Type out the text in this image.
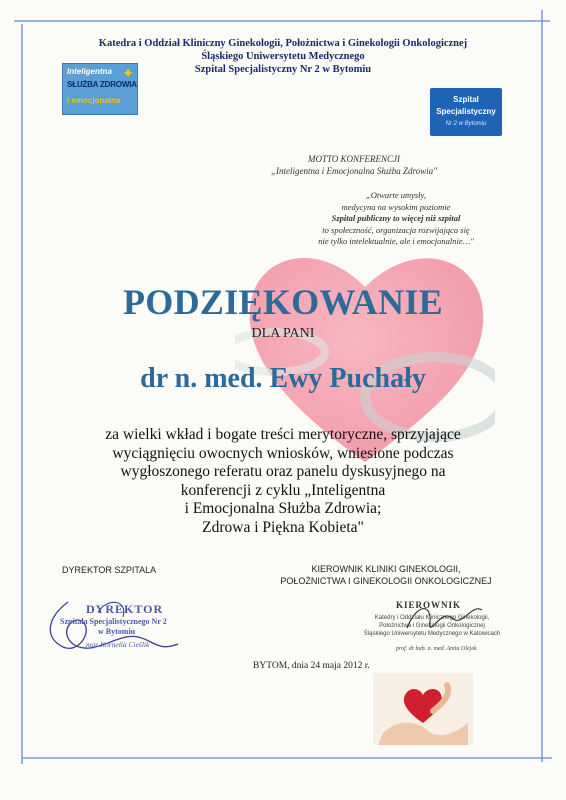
Katedra i Oddział Kliniczny Ginekologii, Położnictwa i Ginekologii Onkologicznej
Śląskiego Uniwersytetu Medycznego
Szpital Specjalistyczny Nr 2 w Bytomiu
Inteligentna ✦
SŁUŻBA ZDROWIA
i emocjonalna	Szpital
Specjalistyczny
Nr 2 w Bytomiu
MOTTO KONFERENCJI
„Inteligentna i Emocjonalna Służba Zdrowia"
„Otwarte umysły,
medycyna na wysokim poziomie
Szpital publiczny to więcej niż szpital
to społeczność, organizacja rozwijająca się
nie tylko intelektualnie, ale i emocjonalnie…"
PODZIĘKOWANIE
DLA PANI
dr n. med. Ewy Puchały
za wielki wkład i bogate treści merytoryczne, sprzyjające
wyciągnięciu owocnych wniosków, wniesione podczas
wygłoszonego referatu oraz panelu dyskusyjnego na
konferencji z cyklu „Inteligentna
i Emocjonalna Służba Zdrowia;
Zdrowa i Piękna Kobieta"
DYREKTOR SZPITALA	KIEROWNIK KLINIKI GINEKOLOGII,
POŁOŻNICTWA I GINEKOLOGII ONKOLOGICZNEJ
DYREKTOR
Szpitala Specjalistycznego Nr 2
w Bytomiu
mgr Kornelia Cieślik
KIEROWNIK
Katedry i Oddziału Klinicznego Ginekologii,
Położnictwa i Ginekologii Onkologicznej
Śląskiego Uniwersytetu Medycznego w Katowicach
prof. dr hab. n. med. Anita Olejek
BYTOM, dnia 24 maja 2012 r.
